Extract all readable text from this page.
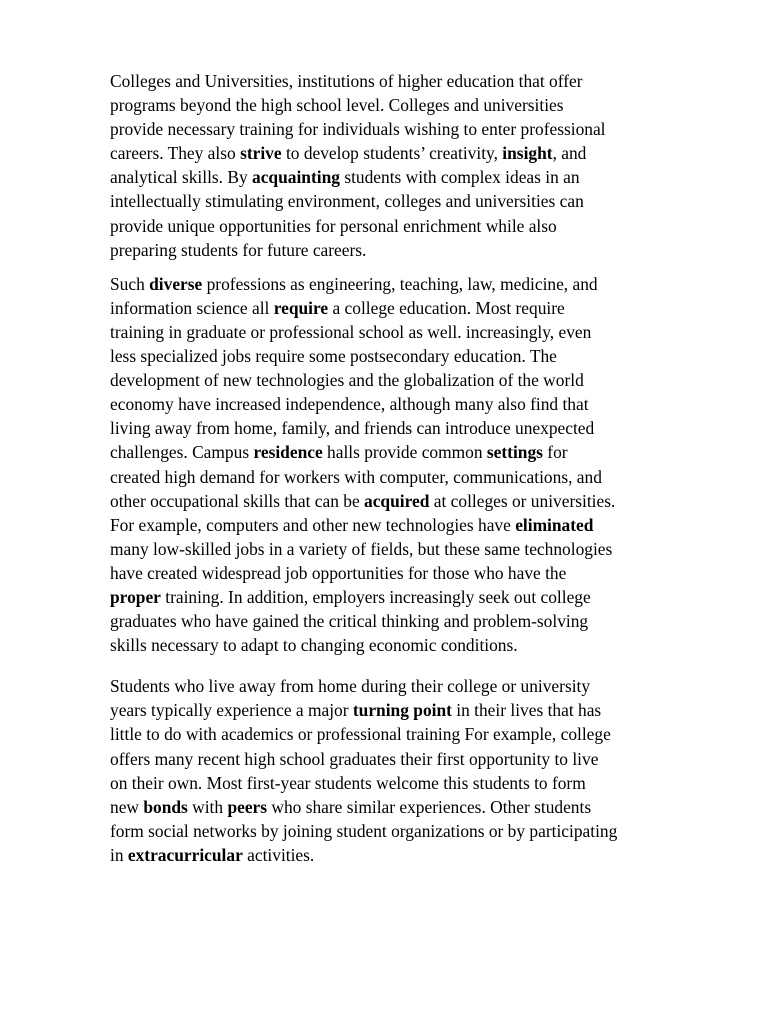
Colleges and Universities, institutions of higher education that offer
programs beyond the high school level. Colleges and universities
provide necessary training for individuals wishing to enter professional
careers. They also strive to develop students’ creativity, insight, and
analytical skills. By acquainting students with complex ideas in an
intellectually stimulating environment, colleges and universities can
provide unique opportunities for personal enrichment while also
preparing students for future careers.
Such diverse professions as engineering, teaching, law, medicine, and
information science all require a college education. Most require
training in graduate or professional school as well. increasingly, even
less specialized jobs require some postsecondary education. The
development of new technologies and the globalization of the world
economy have increased independence, although many also find that
living away from home, family, and friends can introduce unexpected
challenges. Campus residence halls provide common settings for
created high demand for workers with computer, communications, and
other occupational skills that can be acquired at colleges or universities.
For example, computers and other new technologies have eliminated
many low-skilled jobs in a variety of fields, but these same technologies
have created widespread job opportunities for those who have the
proper training. In addition, employers increasingly seek out college
graduates who have gained the critical thinking and problem-solving
skills necessary to adapt to changing economic conditions.
Students who live away from home during their college or university
years typically experience a major turning point in their lives that has
little to do with academics or professional training For example, college
offers many recent high school graduates their first opportunity to live
on their own. Most first-year students welcome this students to form
new bonds with peers who share similar experiences. Other students
form social networks by joining student organizations or by participating
in extracurricular activities.
